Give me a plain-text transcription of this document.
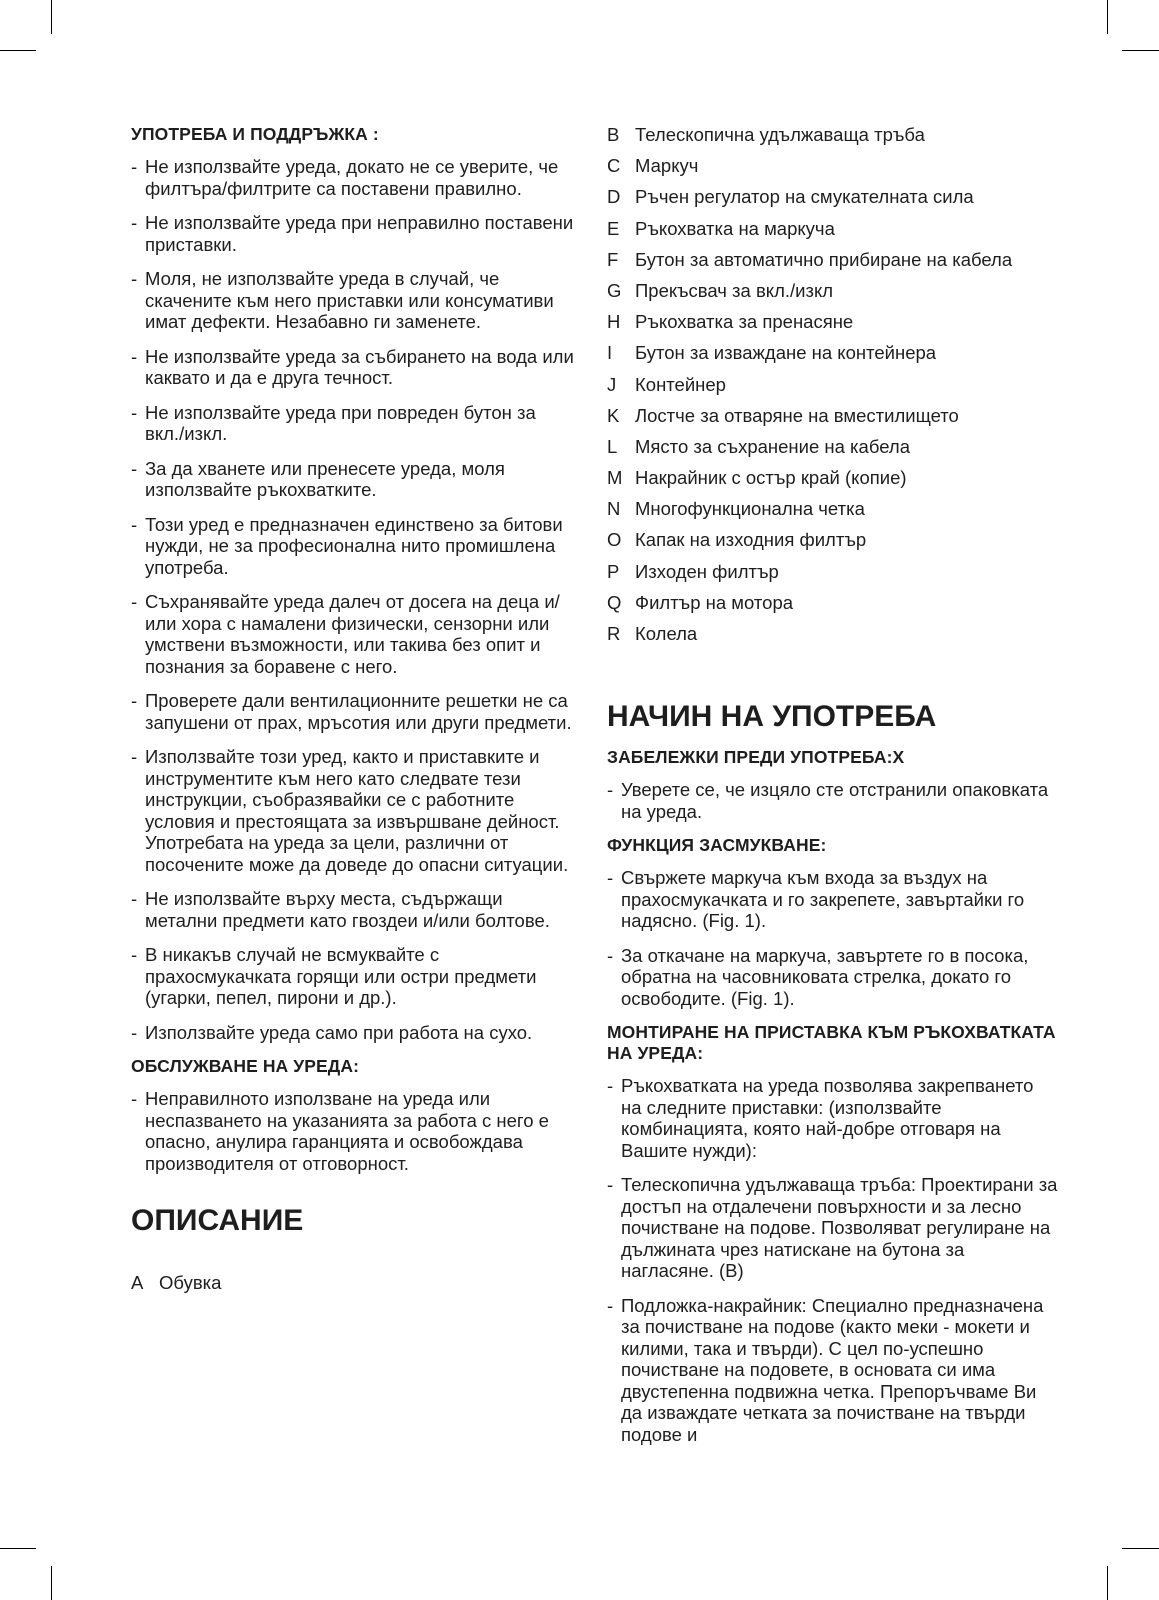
УПОТРЕБА И ПОДДРЪЖКА :
- Не използвайте уреда, докато не се уверите, че филтъра/филтрите са поставени правилно.
- Не използвайте уреда при неправилно поставени приставки.
- Моля, не използвайте уреда в случай, че скачените към него приставки или консумативи имат дефекти. Незабавно ги заменете.
- Не използвайте уреда за събирането на вода или каквато и да е друга течност.
- Не използвайте уреда при повреден бутон за вкл./изкл.
- За да хванете или пренесете уреда, моля използвайте ръкохватките.
- Този уред е предназначен единствено за битови нужди, не за професионална нито промишлена употреба.
- Съхранявайте уреда далеч от досега на деца и/или хора с намалени физически, сензорни или умствени възможности, или такива без опит и познания за боравене с него.
- Проверете дали вентилационните решетки не са запушени от прах, мръсотия или други предмети.
- Използвайте този уред, както и приставките и инструментите към него като следвате тези инструкции, съобразявайки се с работните условия и престоящата за извършване дейност. Употребата на уреда за цели, различни от посочените може да доведе до опасни ситуации.
- Не използвайте върху места, съдържащи метални предмети като гвоздеи и/или болтове.
- В никакъв случай не всмуквайте с прахосмукачката горящи или остри предмети (угарки, пепел, пирони и др.).
- Използвайте уреда само при работа на сухо.
ОБСЛУЖВАНЕ НА УРЕДА:
- Неправилното използване на уреда или неспазването на указанията за работа с него е опасно, анулира гаранцията и освобождава производителя от отговорност.
ОПИСАНИЕ
A Обувка
B Телескопична удължаваща тръба
C Маркуч
D Ръчен регулатор на смукателната сила
E Ръкохватка на маркуча
F Бутон за автоматично прибиране на кабела
G Прекъсвач за вкл./изкл
H Ръкохватка за пренасяне
I	Бутон за изваждане на контейнера
J	Контейнер
K Лостче за отваряне на вместилището
L Място за съхранение на кабела
M Накрайник с остър край (копие)
N Многофункционална четка
O Капак на изходния филтър
P Изходен филтър
Q Филтър на мотора
R Колела
НАЧИН НА УПОТРЕБА
ЗАБЕЛЕЖКИ ПРЕДИ УПОТРЕБА:X
- Уверете се, че изцяло сте отстранили опаковката на уреда.
ФУНКЦИЯ ЗАСМУКВАНЕ:
- Свържете маркуча към входа за въздух на прахосмукачката и го закрепете, завъртайки го надясно. (Fig. 1).
- За откачане на маркуча, завъртете го в посока, обратна на часовниковата стрелка, докато го освободите. (Fig. 1).
МОНТИРАНЕ НА ПРИСТАВКА КЪМ РЪКОХВАТКАТА НА УРЕДА:
- Ръкохватката на уреда позволява закрепването на следните приставки: (използвайте комбинацията, която най-добре отговаря на Вашите нужди):
- Телескопична удължаваща тръба: Проектирани за достъп на отдалечени повърхности и за лесно почистване на подове. Позволяват регулиране на дължината чрез натискане на бутона за нагласяне. (B)
- Подложка-накрайник: Специално предназначена за почистване на подове (както меки - мокети и килими, така и твърди). С цел по-успешно почистване на подовете, в основата си има двустепенна подвижна четка. Препоръчваме Ви да изваждате четката за почистване на твърди подове и
